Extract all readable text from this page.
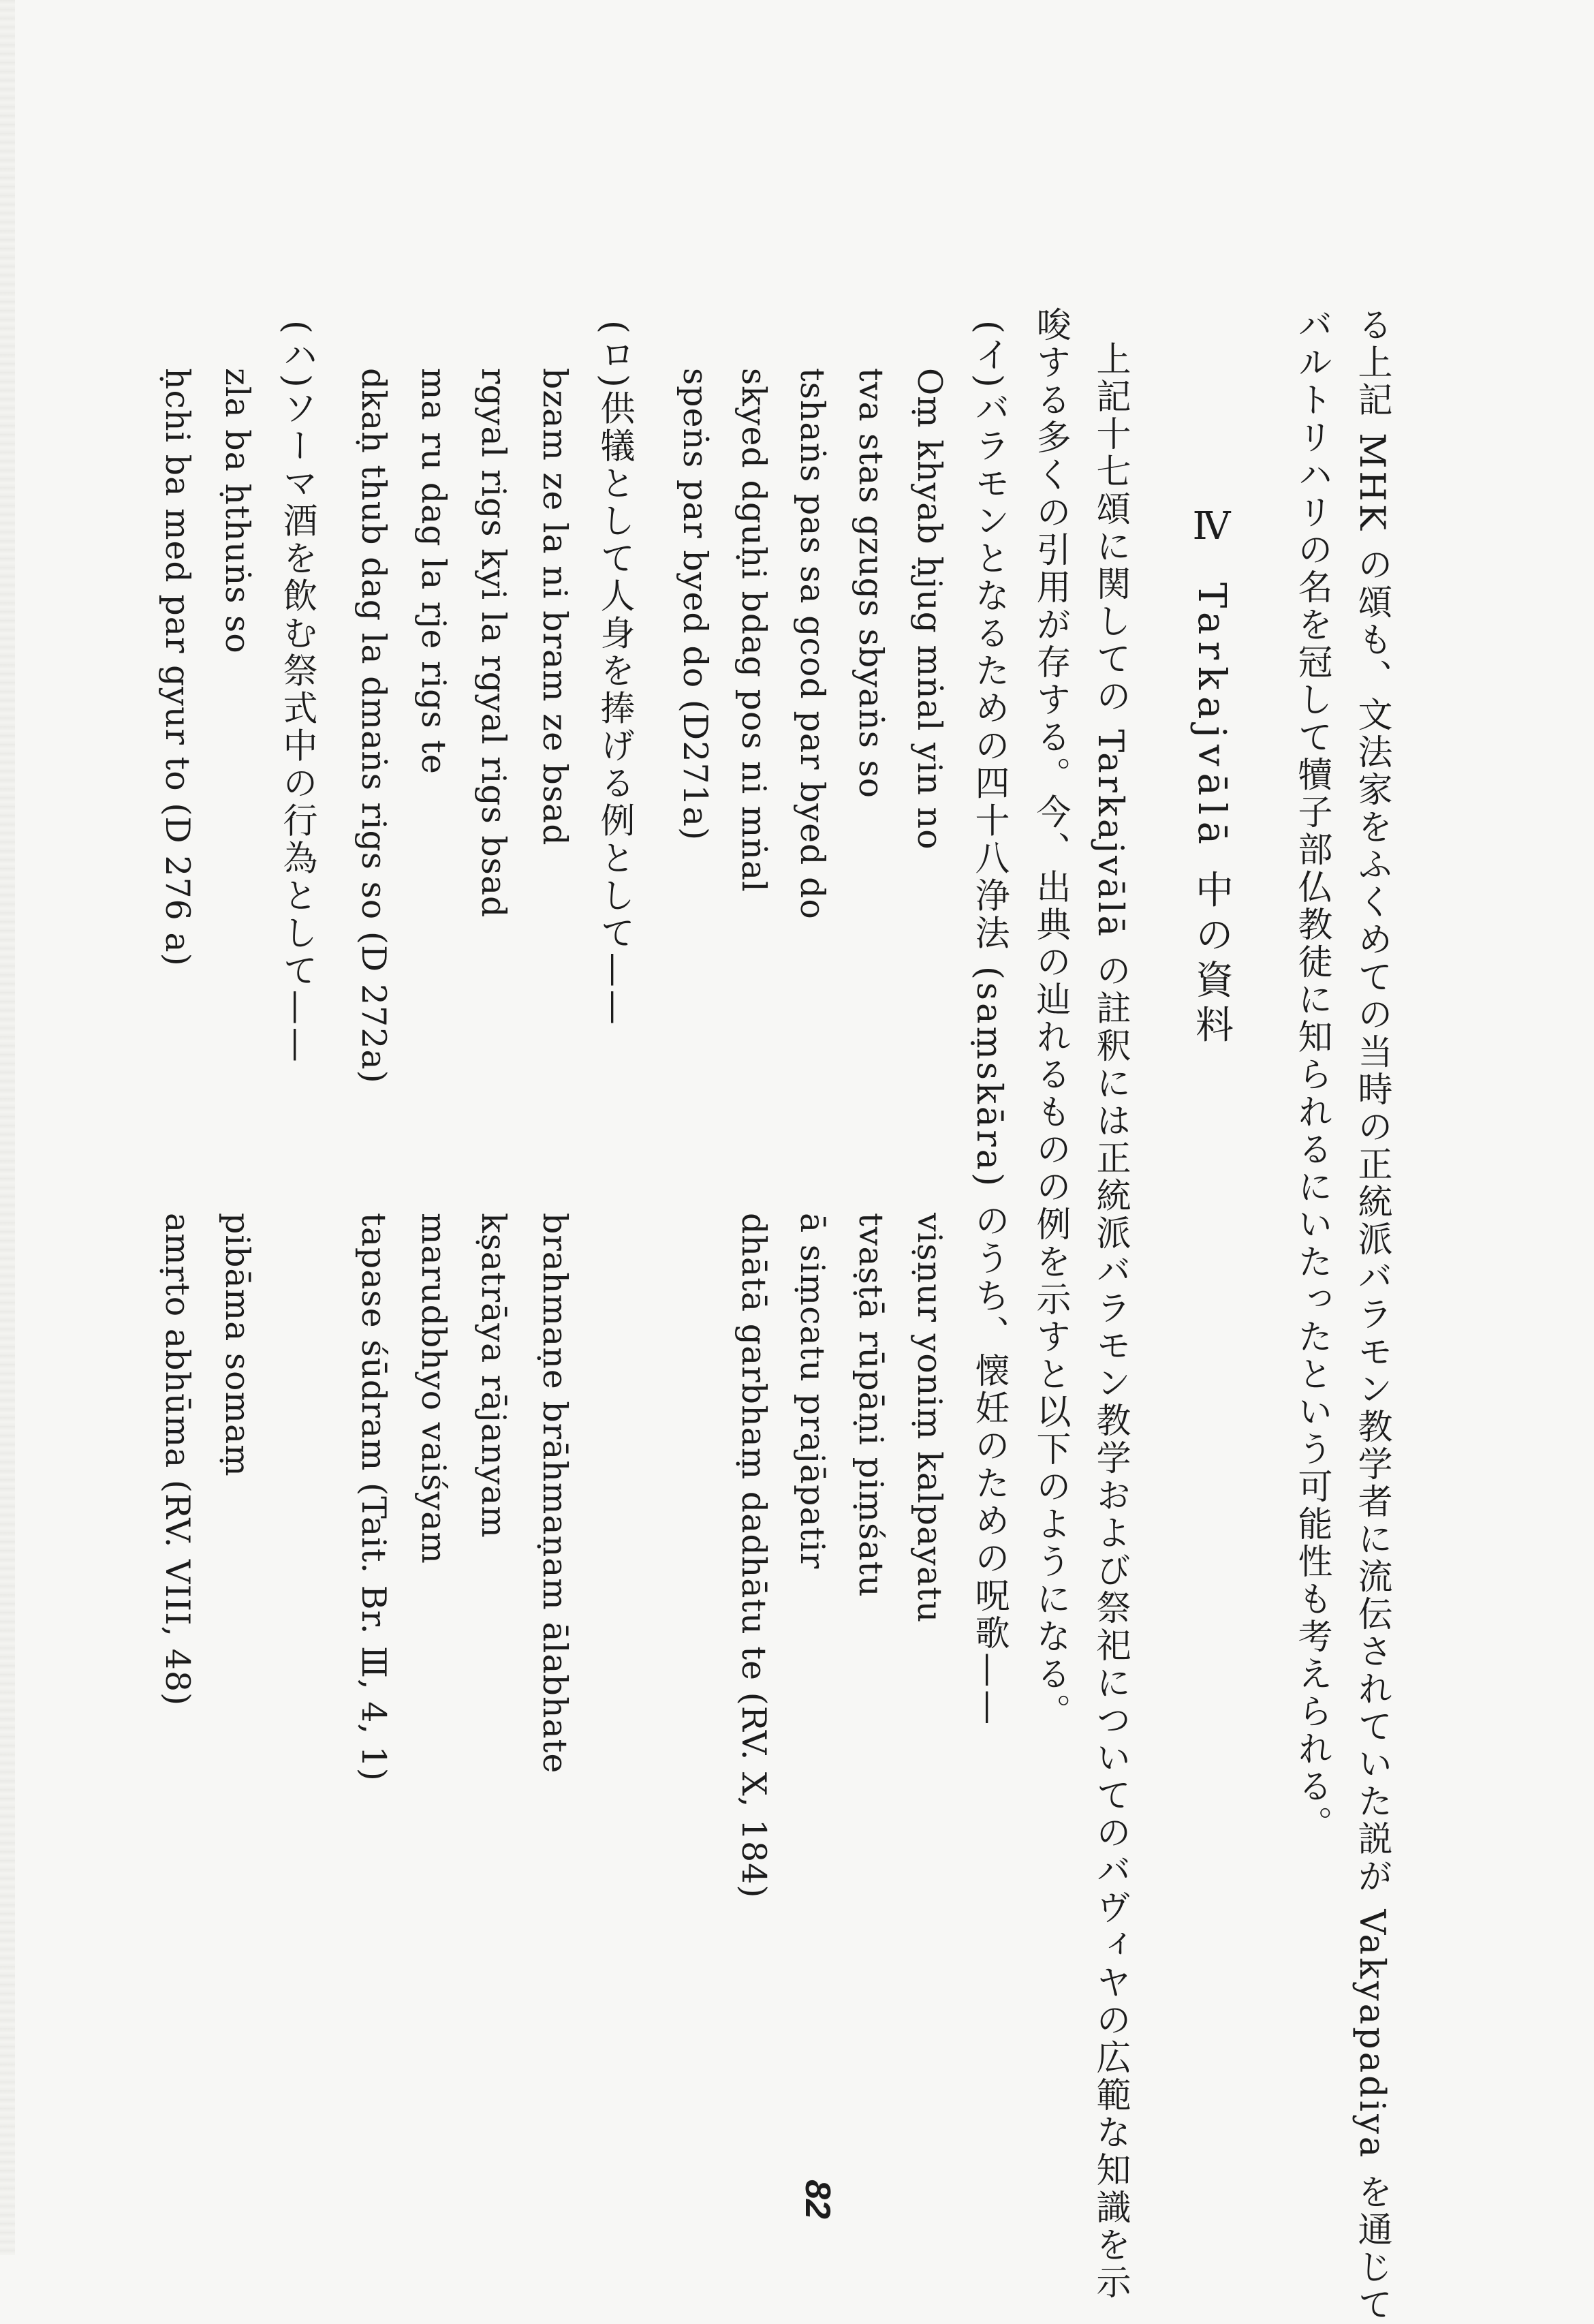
る上記 MHK の頌も、文法家をふくめての当時の正統派バラモン教学者に流伝されていた説が Vakyapadiya を通じて
バルトリハリの名を冠して犢子部仏教徒に知られるにいたったという可能性も考えられる。
ⅣTarkajvālā 中の資料
上記十七頌に関しての Tarkajvālā の註釈には正統派バラモン教学および祭祀についてのバヴィヤの広範な知識を示
唆する多くの引用が存する。今、出典の辿れるものの例を示すと以下のようになる。
(イ)バラモンとなるための四十八浄法 (saṃskāra) のうち、懐妊のための呪歌——
Oṃ khyab ḥjug mṅal yin no
tva stas gzugs sbyaṅs so
tshaṅs pas sa gcod par byed do
skyed dguḥi bdag pos ni mṅal
speṅs par byed do (D271a)
viṣṇur yoniṃ kalpayatu
tvaṣṭā rūpāṇi piṃśatu
ā siṃcatu prajāpatir
dhātā garbhaṃ dadhātu te (RV. X, 184)
(ロ)供犠として人身を捧げる例として——
bzam ze la ni bram ze bsad
rgyal rigs kyi la rgyal rigs bsad
ma ru dag la rje rigs te
dkaḥ thub dag la dmaṅs rigs so (D 272a)
brahmaṇe brāhmaṇam ālabhate
kṣatrāya rājanyam
marudbhyo vaiśyam
tapase śūdram (Tait. Br. Ⅲ, 4, 1)
(ハ)ソーマ酒を飲む祭式中の行為として——
zla ba ḥthuṅs so
ḥchi ba med par gyur to (D 276 a)
pibāma somaṃ
amṛto abhūma (RV. VIII, 48)
82
